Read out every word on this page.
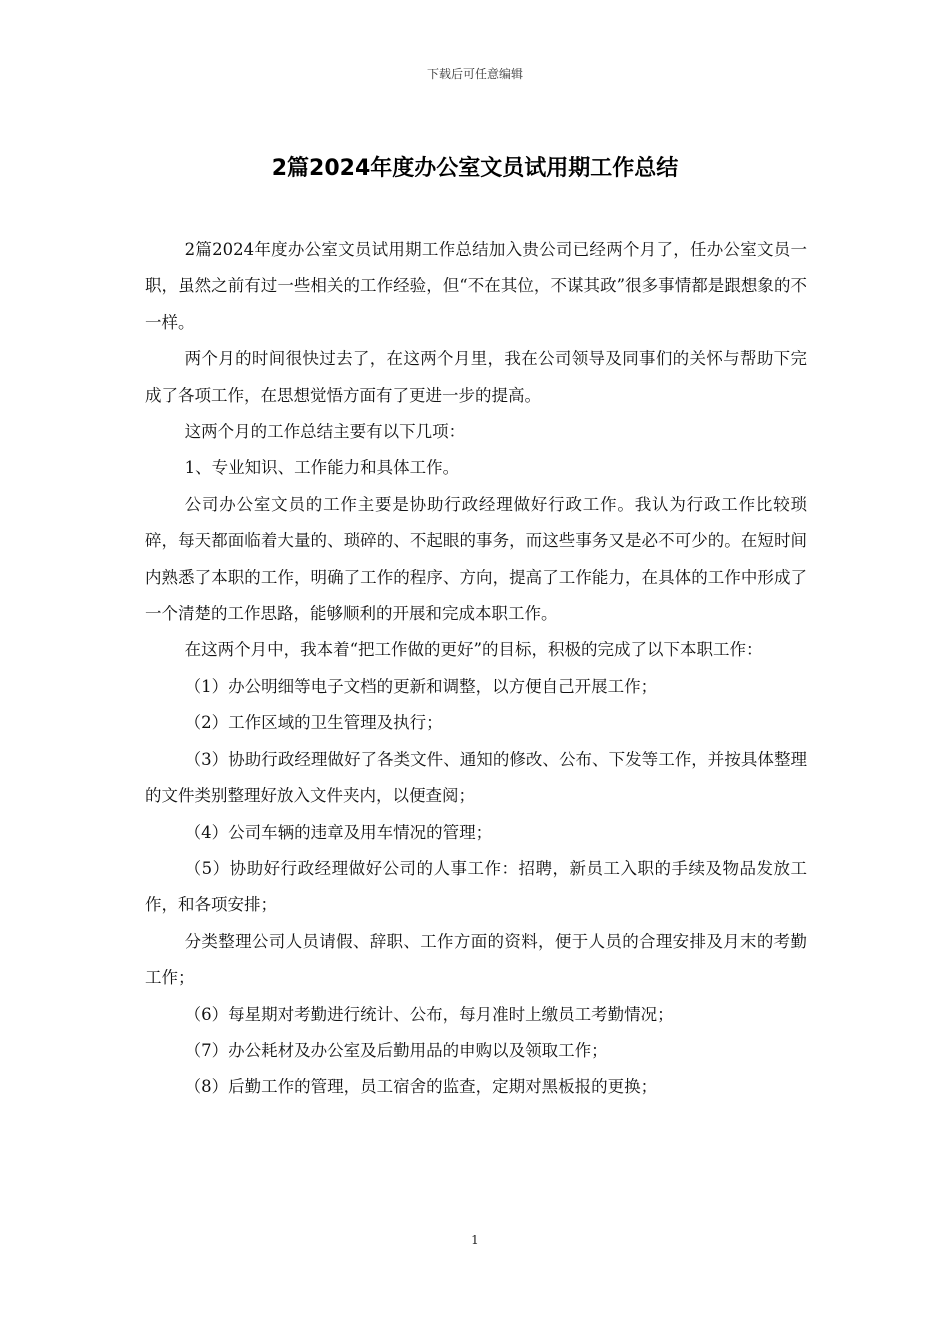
下载后可任意编辑
2篇2024年度办公室文员试用期工作总结

2篇2024年度办公室文员试用期工作总结加入贵公司已经两个月了，任办公室文员一职，虽然之前有过一些相关的工作经验，但“不在其位，不谋其政”很多事情都是跟想象的不一样。

两个月的时间很快过去了，在这两个月里，我在公司领导及同事们的关怀与帮助下完成了各项工作，在思想觉悟方面有了更进一步的提高。

这两个月的工作总结主要有以下几项：

1、专业知识、工作能力和具体工作。

公司办公室文员的工作主要是协助行政经理做好行政工作。我认为行政工作比较琐碎，每天都面临着大量的、琐碎的、不起眼的事务，而这些事务又是必不可少的。在短时间内熟悉了本职的工作，明确了工作的程序、方向，提高了工作能力，在具体的工作中形成了一个清楚的工作思路，能够顺利的开展和完成本职工作。

在这两个月中，我本着“把工作做的更好”的目标，积极的完成了以下本职工作：

（1）办公明细等电子文档的更新和调整，以方便自己开展工作；

（2）工作区域的卫生管理及执行；

（3）协助行政经理做好了各类文件、通知的修改、公布、下发等工作，并按具体整理的文件类别整理好放入文件夹内，以便查阅；

（4）公司车辆的违章及用车情况的管理；

（5）协助好行政经理做好公司的人事工作：招聘，新员工入职的手续及物品发放工作，和各项安排；

分类整理公司人员请假、辞职、工作方面的资料，便于人员的合理安排及月末的考勤工作；

（6）每星期对考勤进行统计、公布，每月准时上缴员工考勤情况；

（7）办公耗材及办公室及后勤用品的申购以及领取工作；

（8）后勤工作的管理，员工宿舍的监查，定期对黑板报的更换；

1
